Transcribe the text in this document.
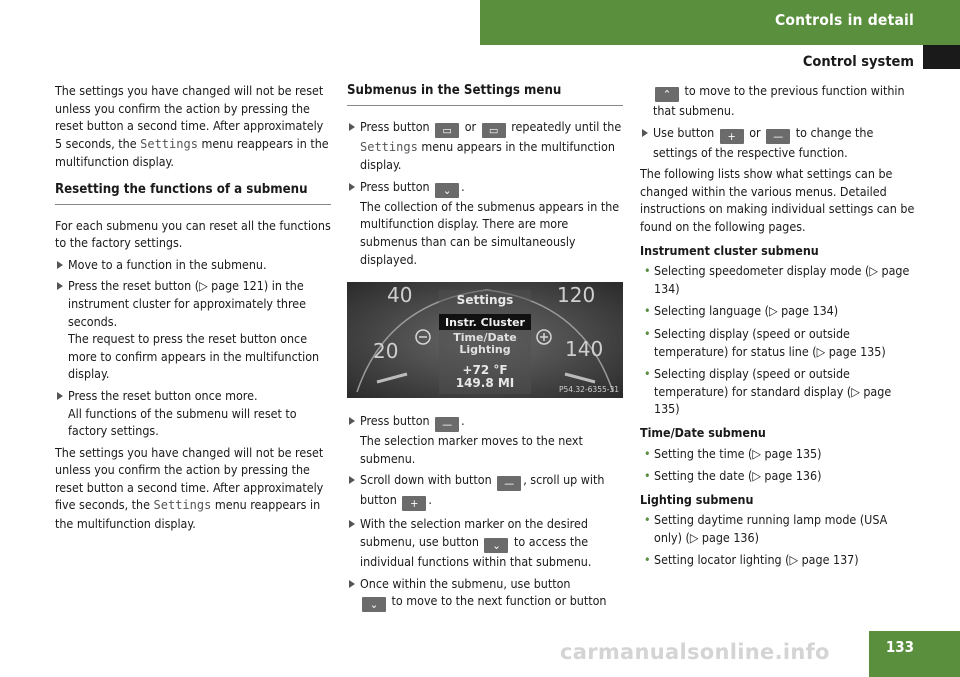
Controls in detail
Control system

The settings you have changed will not be reset unless you confirm the action by pressing the reset button a second time. After approximately 5 seconds, the Settings menu reappears in the multifunction display.

Resetting the functions of a submenu

For each submenu you can reset all the functions to the factory settings.

Move to a function in the submenu.
Press the reset button (▷ page 121) in the instrument cluster for approximately three seconds.
The request to press the reset button once more to confirm appears in the multifunction display.
Press the reset button once more.
All functions of the submenu will reset to factory settings.

The settings you have changed will not be reset unless you confirm the action by pressing the reset button a second time. After approximately five seconds, the Settings menu reappears in the multifunction display.

Submenus in the Settings menu
Press button ▭ or ▭ repeatedly until the Settings menu appears in the multifunction display.
Press button ⌄ .
The collection of the submenus appears in the multifunction display. There are more submenus than can be simultaneously displayed.
40	120
20	140
Settings
Instr. Cluster
Time/Date
Lighting
+72 °F
149.8 MI	P54.32-6355-31
Press button — .
The selection marker moves to the next submenu.
Scroll down with button — , scroll up with button + .
With the selection marker on the desired submenu, use button ⌄ to access the individual functions within that submenu.
Once within the submenu, use button
⌄ to move to the next function or button

⌃ to move to the previous function within that submenu.

Use button + or — to change the settings of the respective function.

The following lists show what settings can be changed within the various menus. Detailed instructions on making individual settings can be found on the following pages.

Instrument cluster submenu
• Selecting speedometer display mode (▷ page 134)
• Selecting language (▷ page 134)
• Selecting display (speed or outside temperature) for status line (▷ page 135)
• Selecting display (speed or outside temperature) for standard display (▷ page 135)
Time/Date submenu
• Setting the time (▷ page 135)
• Setting the date (▷ page 136)
Lighting submenu
• Setting daytime running lamp mode (USA only) (▷ page 136)
• Setting locator lighting (▷ page 137)
carmanualsonline.info	133
